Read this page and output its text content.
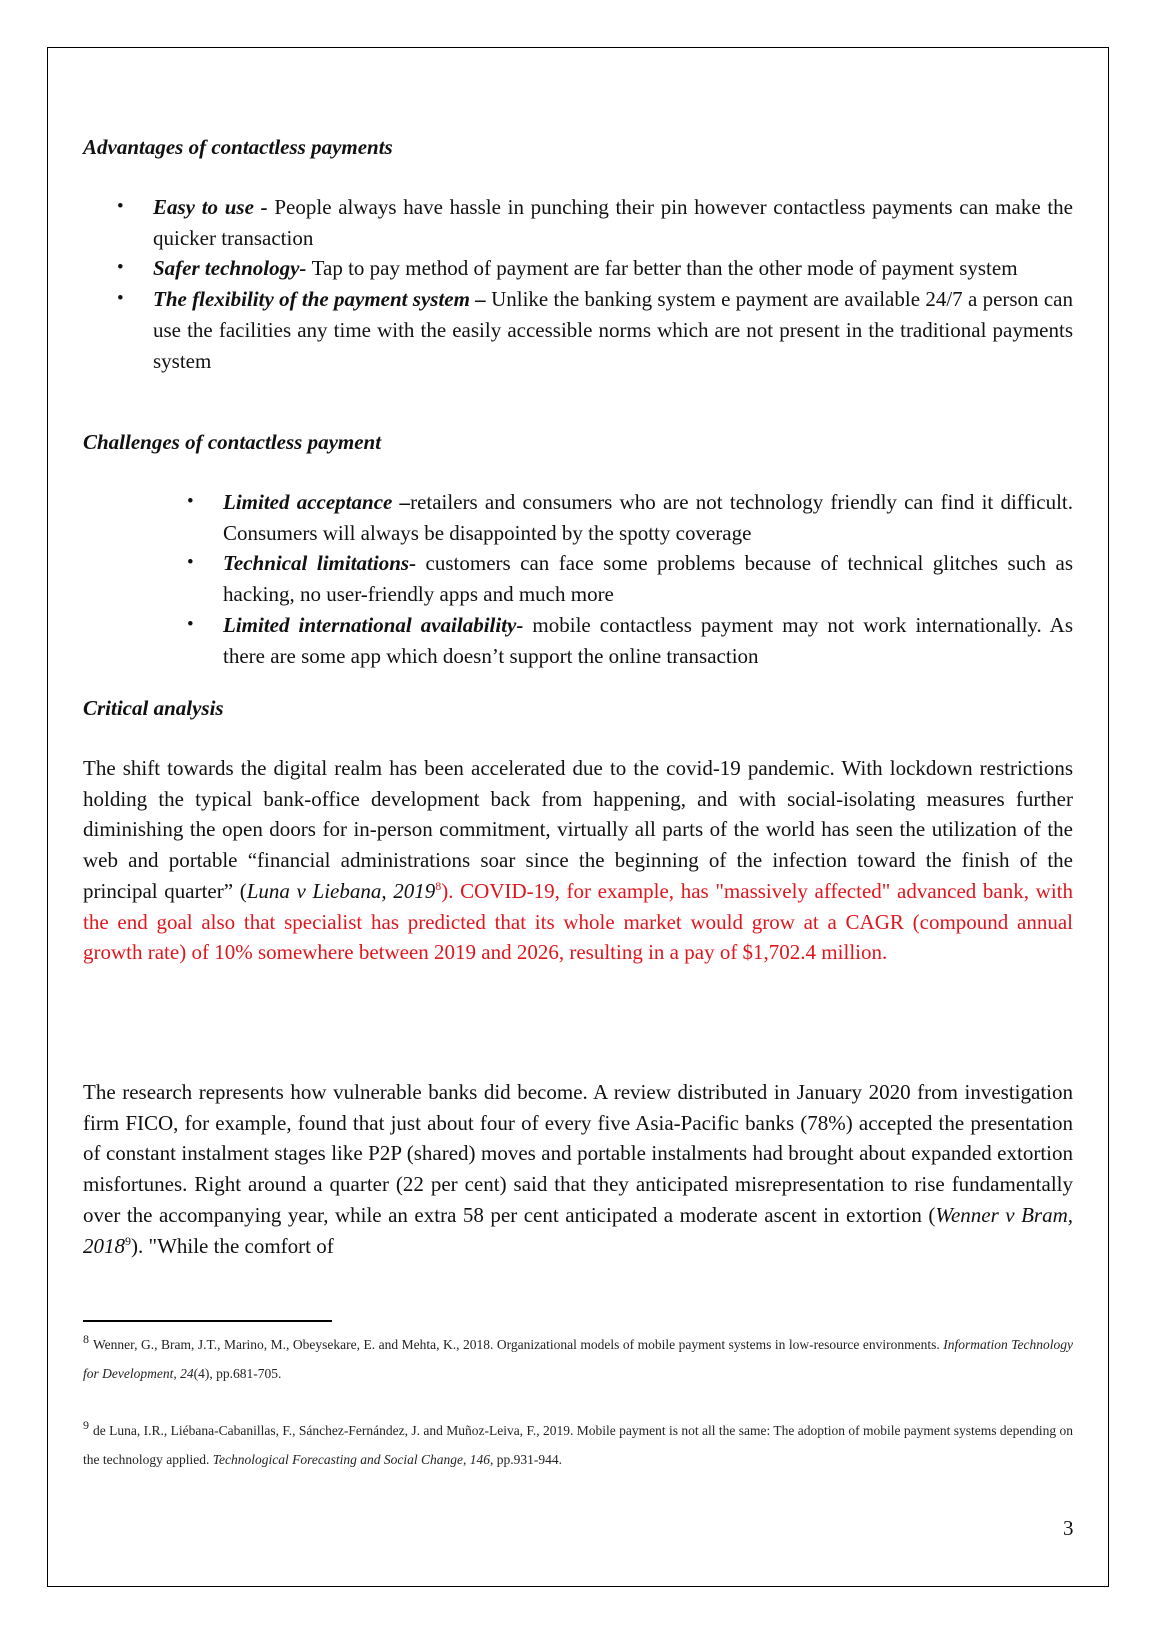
Advantages of contactless payments
• Easy to use - People always have hassle in punching their pin however contactless payments can make the quicker transaction
• Safer technology- Tap to pay method of payment are far better than the other mode of payment system
• The flexibility of the payment system – Unlike the banking system e payment are available 24/7 a person can use the facilities any time with the easily accessible norms which are not present in the traditional payments system
Challenges of contactless payment
• Limited acceptance –retailers and consumers who are not technology friendly can find it difficult. Consumers will always be disappointed by the spotty coverage
• Technical limitations- customers can face some problems because of technical glitches such as hacking, no user-friendly apps and much more
• Limited international availability- mobile contactless payment may not work internationally. As there are some app which doesn’t support the online transaction
Critical analysis

The shift towards the digital realm has been accelerated due to the covid-19 pandemic. With lockdown restrictions holding the typical bank-office development back from happening, and with social-isolating measures further diminishing the open doors for in-person commitment, virtually all parts of the world has seen the utilization of the web and portable “financial administrations soar since the beginning of the infection toward the finish of the principal quarter” (Luna v Liebana, 2019$^8$). COVID-19, for example, has "massively affected" advanced bank, with the end goal also that specialist has predicted that its whole market would grow at a CAGR (compound annual growth rate) of 10% somewhere between 2019 and 2026, resulting in a pay of $1,702.4 million.

The research represents how vulnerable banks did become. A review distributed in January 2020 from investigation firm FICO, for example, found that just about four of every five Asia-Pacific banks (78%) accepted the presentation of constant instalment stages like P2P (shared) moves and portable instalments had brought about expanded extortion misfortunes. Right around a quarter (22 per cent) said that they anticipated misrepresentation to rise fundamentally over the accompanying year, while an extra 58 per cent anticipated a moderate ascent in extortion (Wenner v Bram, 2018$^9$). "While the comfort of

8 Wenner, G., Bram, J.T., Marino, M., Obeysekare, E. and Mehta, K., 2018. Organizational models of mobile payment systems in low-resource environments. Information Technology for Development, 24(4), pp.681-705.

9 de Luna, I.R., Liébana-Cabanillas, F., Sánchez-Fernández, J. and Muñoz-Leiva, F., 2019. Mobile payment is not all the same: The adoption of mobile payment systems depending on the technology applied. Technological Forecasting and Social Change, 146, pp.931-944.

3
